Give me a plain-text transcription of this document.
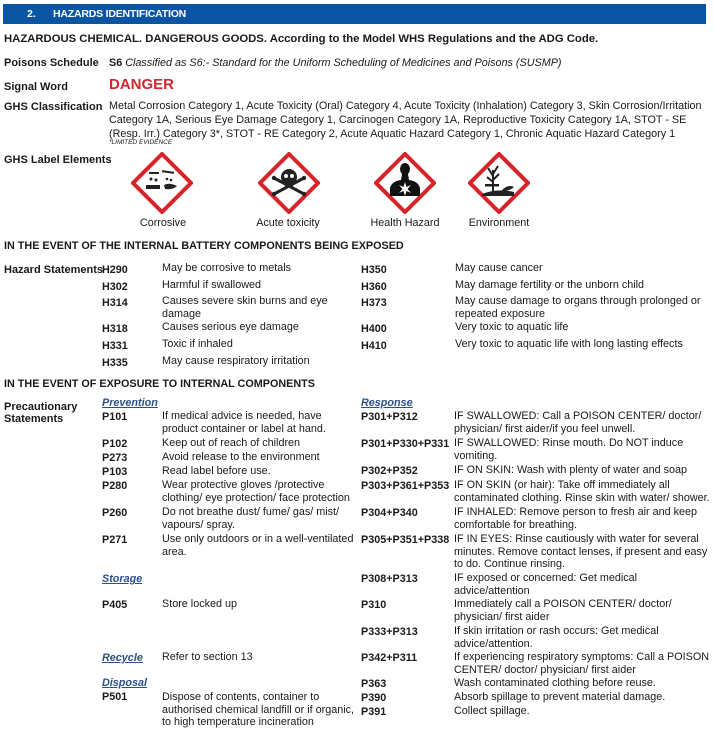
2. HAZARDS IDENTIFICATION
HAZARDOUS CHEMICAL. DANGEROUS GOODS. According to the Model WHS Regulations and the ADG Code.
Poisons Schedule S6 Classified as S6:- Standard for the Uniform Scheduling of Medicines and Poisons (SUSMP)
Signal Word	DANGER
GHS Classification Metal Corrosion Category 1, Acute Toxicity (Oral) Category 4, Acute Toxicity (Inhalation) Category 3, Skin Corrosion/Irritation Category 1A, Serious Eye Damage Category 1, Carcinogen Category 1A, Reproductive Toxicity Category 1A, STOT - SE (Resp. Irr.) Category 3*, STOT - RE Category 2, Acute Aquatic Hazard Category 1, Chronic Aquatic Hazard Category 1
*LIMITED EVIDENCE
GHS Label Elements
Corrosive	Acute toxicity	Health Hazard	Environment
IN THE EVENT OF THE INTERNAL BATTERY COMPONENTS BEING EXPOSED
Hazard Statements
H290	May be corrosive to metals
H302	Harmful if swallowed
H314	Causes severe skin burns and eye damage
H318	Causes serious eye damage
H331	Toxic if inhaled
H335	May cause respiratory irritation
H350	May cause cancer
H360	May damage fertility or the unborn child
H373	May cause damage to organs through prolonged or repeated exposure
H400	Very toxic to aquatic life
H410	Very toxic to aquatic life with long lasting effects
IN THE EVENT OF EXPOSURE TO INTERNAL COMPONENTS
Precautionary
Statements
Prevention
P101	If medical advice is needed, have product container or label at hand.
P102	Keep out of reach of children
P273	Avoid release to the environment
P103	Read label before use.
P280	Wear protective gloves /protective clothing/ eye protection/ face protection
P260	Do not breathe dust/ fume/ gas/ mist/ vapours/ spray.
P271	Use only outdoors or in a well-ventilated area.
Storage
P405	Store locked up
Recycle Refer to section 13
Disposal
P501	Dispose of contents, container to authorised chemical landfill or if organic, to high temperature incineration
Response
P301+P312	IF SWALLOWED: Call a POISON CENTER/ doctor/ physician/ first aider/if you feel unwell.
P301+P330+P331 IF SWALLOWED: Rinse mouth. Do NOT induce vomiting.
P302+P352	IF ON SKIN: Wash with plenty of water and soap
P303+P361+P353 IF ON SKIN (or hair): Take off immediately all contaminated clothing. Rinse skin with water/ shower.
P304+P340	IF INHALED: Remove person to fresh air and keep comfortable for breathing.
P305+P351+P338 IF IN EYES: Rinse cautiously with water for several minutes. Remove contact lenses, if present and easy to do. Continue rinsing.
P308+P313	IF exposed or concerned: Get medical advice/attention
P310	Immediately call a POISON CENTER/ doctor/ physician/ first aider
P333+P313	If skin irritation or rash occurs: Get medical advice/attention.
P342+P311	If experiencing respiratory symptoms: Call a POISON CENTER/ doctor/ physician/ first aider
P363	Wash contaminated clothing before reuse.
P390	Absorb spillage to prevent material damage.
P391	Collect spillage.
